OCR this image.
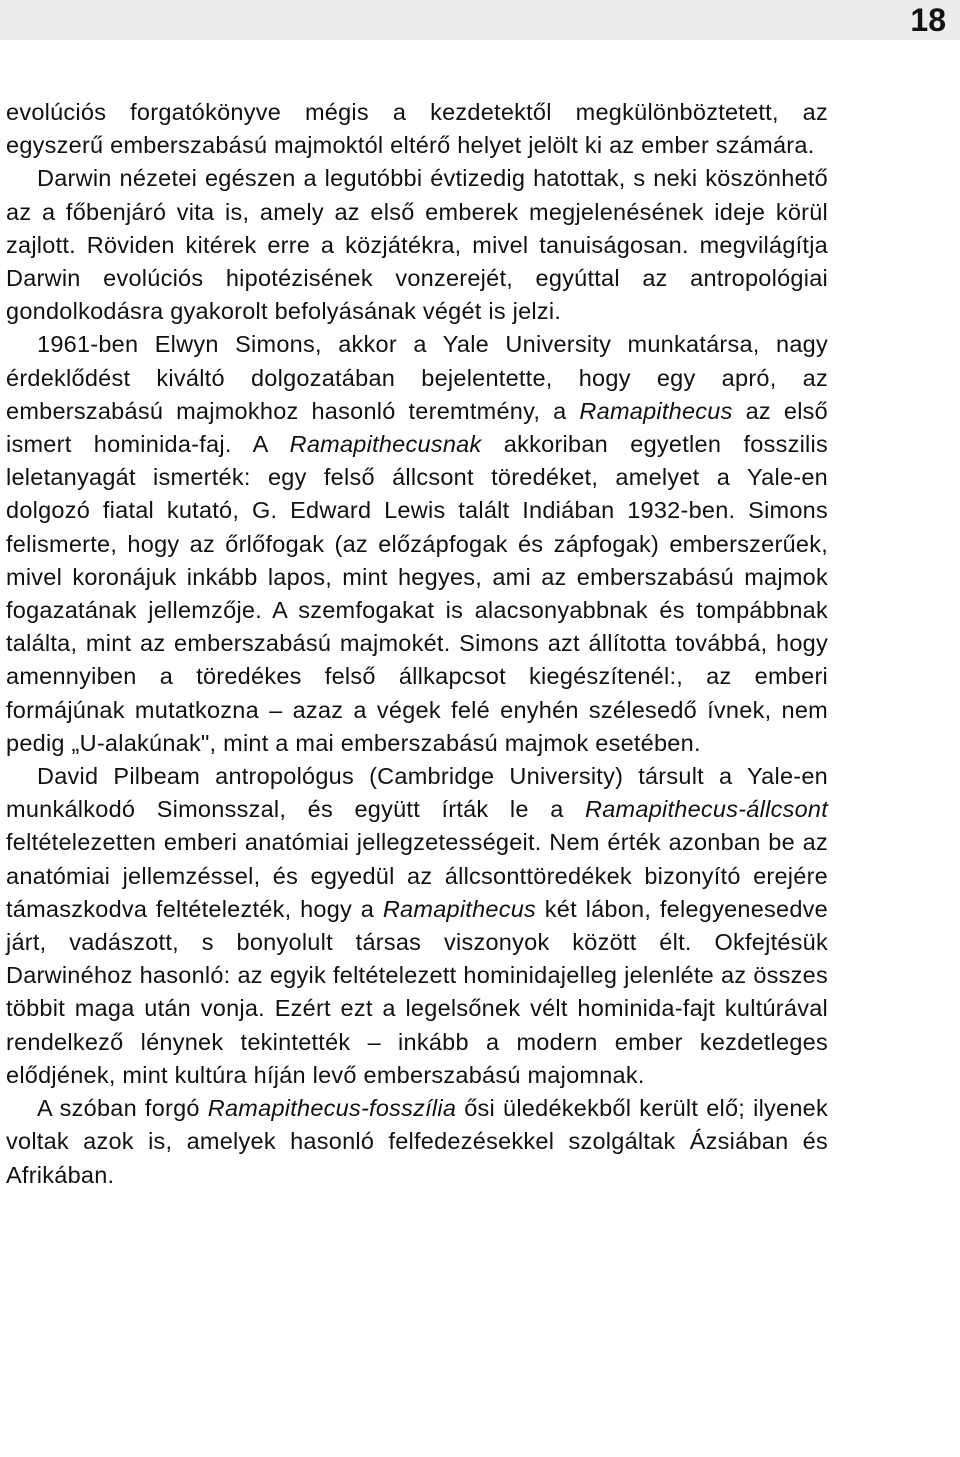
18

evolúciós forgatókönyve mégis a kezdetektől megkülönböztetett, az egyszerű emberszabású majmoktól eltérő helyet jelölt ki az ember számára.

Darwin nézetei egészen a legutóbbi évtizedig hatottak, s neki köszönhető az a főbenjáró vita is, amely az első emberek megjelenésének ideje körül zajlott. Röviden kitérek erre a közjátékra, mivel tanuiságosan. megvilágítja Darwin evolúciós hipotézisének vonzerejét, egyúttal az antropológiai gondolkodásra gyakorolt befolyásának végét is jelzi.

1961-ben Elwyn Simons, akkor a Yale University munkatársa, nagy érdeklődést kiváltó dolgozatában bejelentette, hogy egy apró, az emberszabású majmokhoz hasonló teremtmény, a Ramapithecus az első ismert hominida-faj. A Ramapithecusnak akkoriban egyetlen fosszilis leletanyagát ismerték: egy felső állcsont töredéket, amelyet a Yale-en dolgozó fiatal kutató, G. Edward Lewis talált Indiában 1932-ben. Simons felismerte, hogy az őrlőfogak (az előzápfogak és zápfogak) emberszerűek, mivel koronájuk inkább lapos, mint hegyes, ami az emberszabású majmok fogazatának jellemzője. A szemfogakat is alacsonyabbnak és tompábbnak találta, mint az emberszabású majmokét. Simons azt állította továbbá, hogy amennyiben a töredékes felső állkapcsot kiegészítenél:, az emberi formájúnak mutatkozna – azaz a végek felé enyhén szélesedő ívnek, nem pedig „U-alakúnak", mint a mai emberszabású majmok esetében.

David Pilbeam antropológus (Cambridge University) társult a Yale-en munkálkodó Simonsszal, és együtt írták le a Ramapithecus-állcsont feltételezetten emberi anatómiai jellegzetességeit. Nem érték azonban be az anatómiai jellemzéssel, és egyedül az állcsonttöredékek bizonyító erejére támaszkodva feltételezték, hogy a Ramapithecus két lábon, felegyenesedve járt, vadászott, s bonyolult társas viszonyok között élt. Okfejtésük Darwinéhoz hasonló: az egyik feltételezett hominidajelleg jelenléte az összes többit maga után vonja. Ezért ezt a legelsőnek vélt hominida-fajt kultúrával rendelkező lénynek tekintették – inkább a modern ember kezdetleges elődjének, mint kultúra híján levő emberszabású majomnak.

A szóban forgó Ramapithecus-fosszília ősi üledékekből került elő; ilyenek voltak azok is, amelyek hasonló felfedezésekkel szolgáltak Ázsiában és Afrikában.
